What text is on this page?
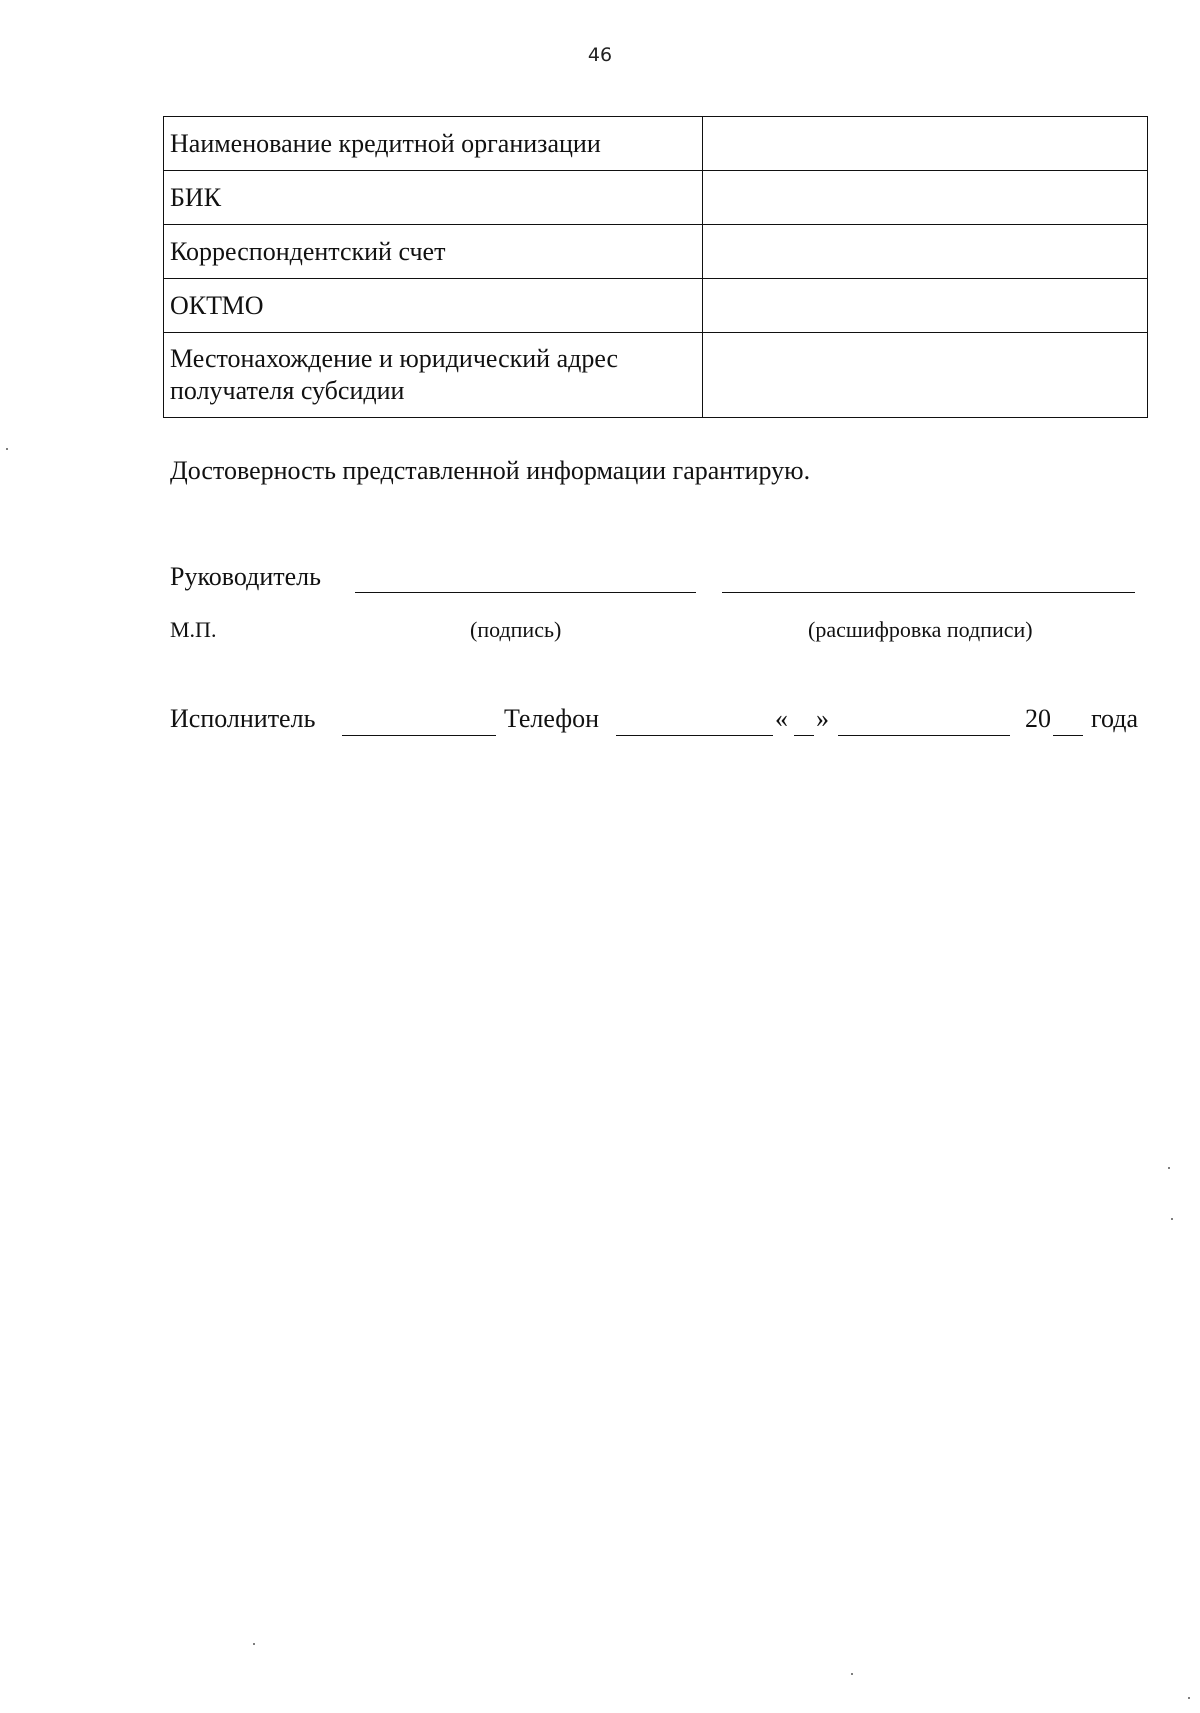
46
Наименование кредитной организации	
БИК	
Корреспондентский счет	
ОКТМО	
Местонахождение и юридический адрес получателя субсидии	
Достоверность представленной информации гарантирую.
Руководитель
М.П.	(подпись)	(расшифровка подписи)
Исполнитель	Телефон	« »	20 года
